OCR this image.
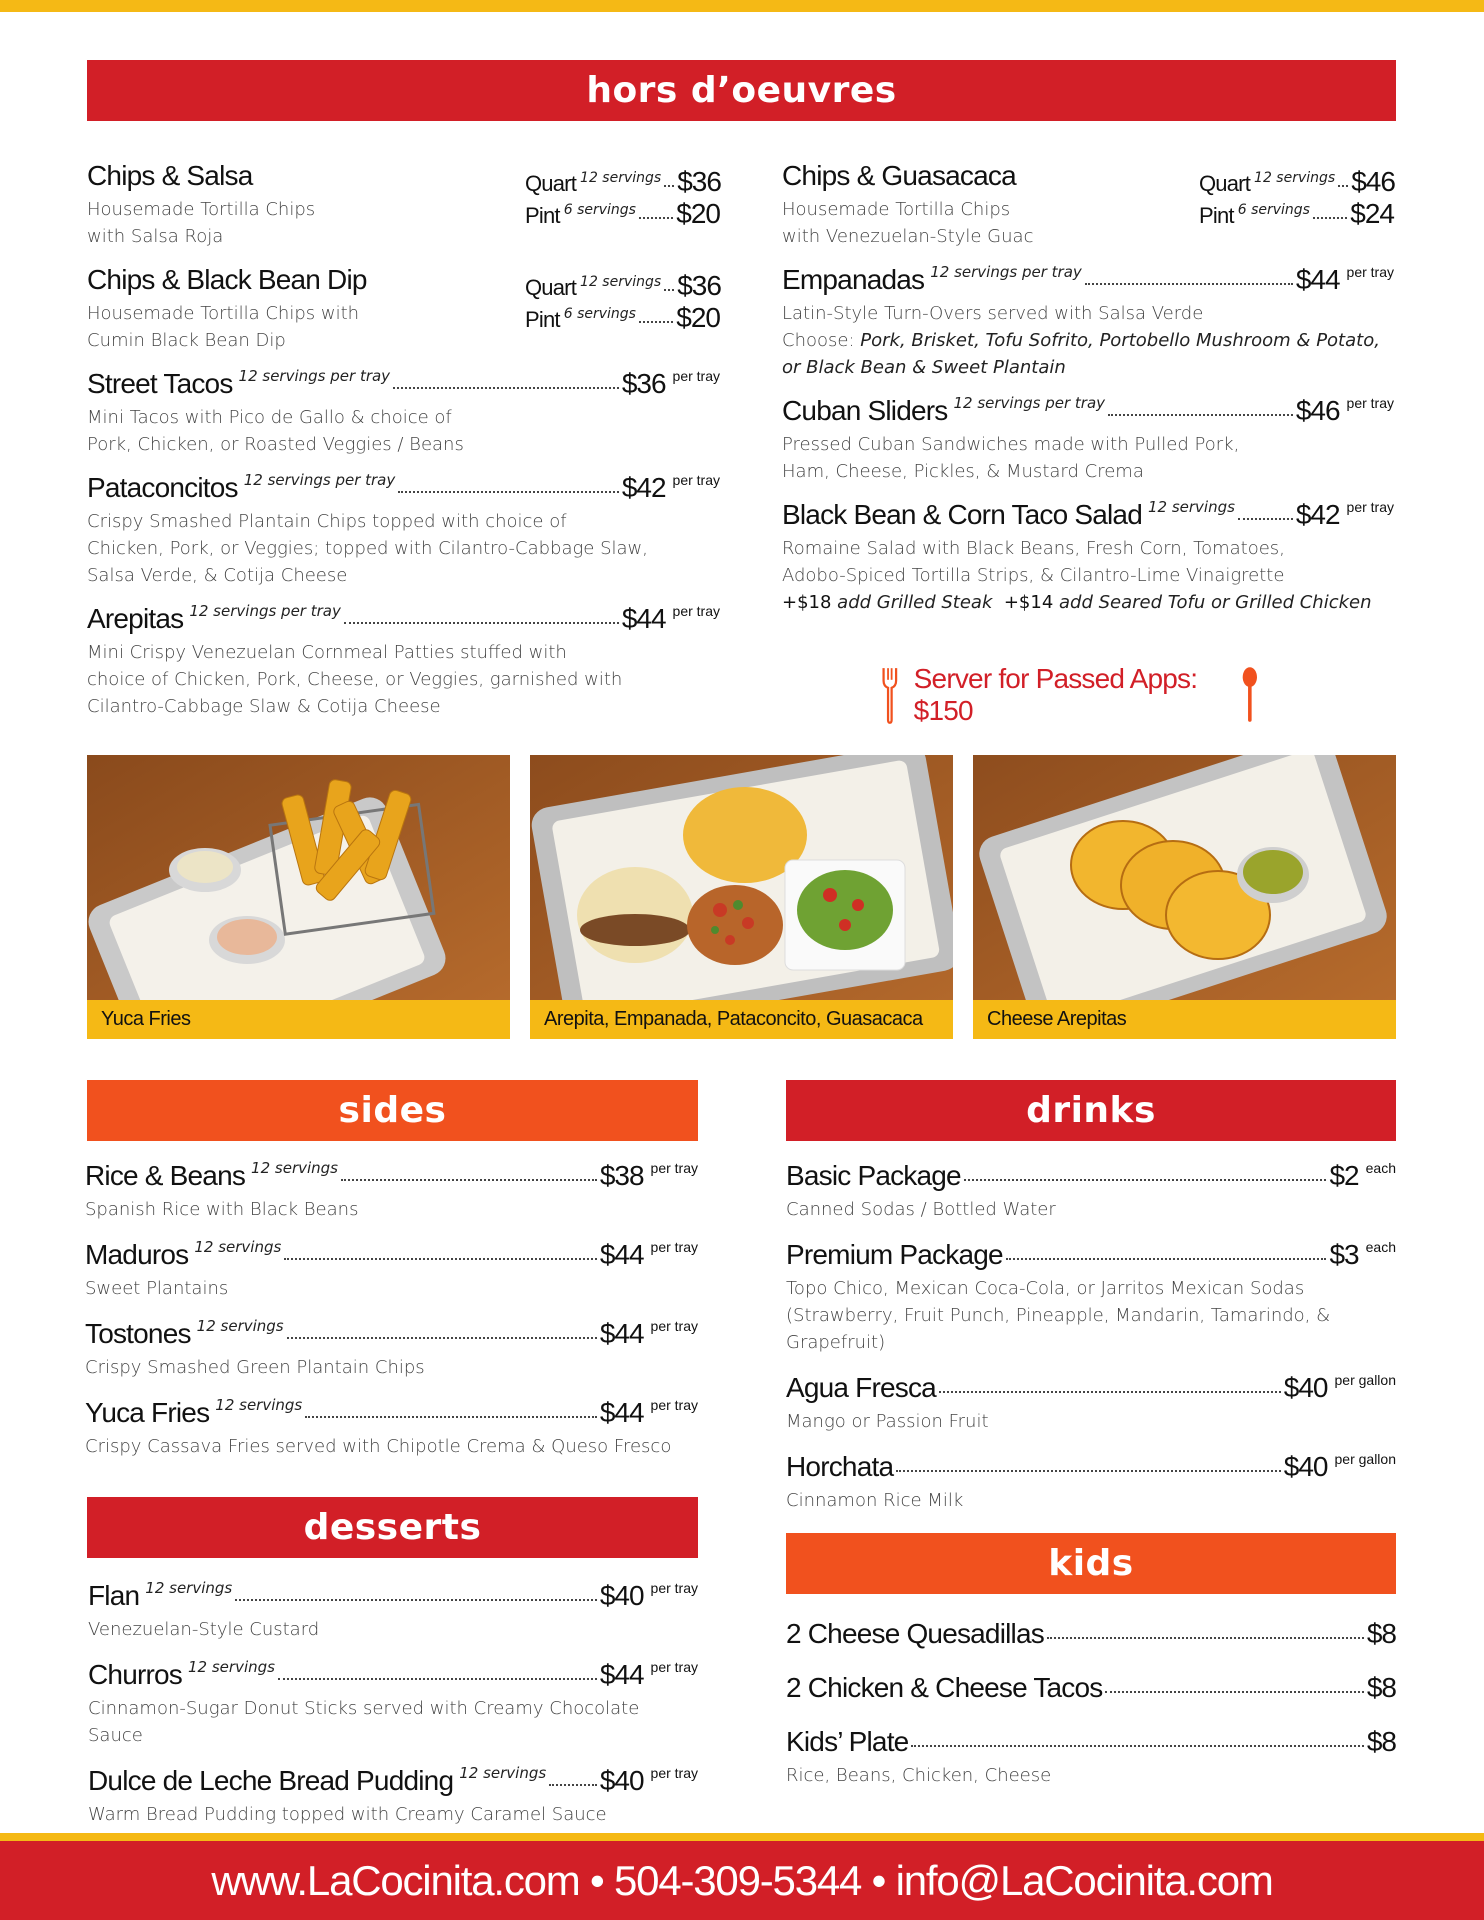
hors d’oeuvres
Chips & Salsa
Housemade Tortilla Chips
with Salsa Roja
Quart 12 servings $36
Pint 6 servings $20
Chips & Black Bean Dip
Housemade Tortilla Chips with
Cumin Black Bean Dip
Quart 12 servings $36
Pint 6 servings $20
Street Tacos 12 servings per tray	$36 per tray
Mini Tacos with Pico de Gallo & choice of
Pork, Chicken, or Roasted Veggies / Beans
Pataconcitos 12 servings per tray	$42 per tray
Crispy Smashed Plantain Chips topped with choice of
Chicken, Pork, or Veggies; topped with Cilantro-Cabbage Slaw,
Salsa Verde, & Cotija Cheese
Arepitas 12 servings per tray	$44 per tray
Mini Crispy Venezuelan Cornmeal Patties stuffed with
choice of Chicken, Pork, Cheese, or Veggies, garnished with
Cilantro-Cabbage Slaw & Cotija Cheese
Chips & Guasacaca
Housemade Tortilla Chips
with Venezuelan-Style Guac
Quart 12 servings $46
Pint 6 servings $24
Empanadas 12 servings per tray	$44 per tray
Latin-Style Turn-Overs served with Salsa Verde
Choose: Pork, Brisket, Tofu Sofrito, Portobello Mushroom & Potato,
or Black Bean & Sweet Plantain
Cuban Sliders 12 servings per tray	$46 per tray
Pressed Cuban Sandwiches made with Pulled Pork,
Ham, Cheese, Pickles, & Mustard Crema
Black Bean & Corn Taco Salad 12 servings $42 per tray
Romaine Salad with Black Beans, Fresh Corn, Tomatoes,
Adobo-Spiced Tortilla Strips, & Cilantro-Lime Vinaigrette
+$18 add Grilled Steak +$14 add Seared Tofu or Grilled Chicken
Server for Passed Apps: $150
Yuca Fries	Arepita, Empanada, Pataconcito, Guasacaca	Cheese Arepitas
sides
Rice & Beans 12 servings	$38 per tray
Spanish Rice with Black Beans
Maduros 12 servings	$44 per tray
Sweet Plantains
Tostones 12 servings	$44 per tray
Crispy Smashed Green Plantain Chips
Yuca Fries 12 servings	$44 per tray
Crispy Cassava Fries served with Chipotle Crema & Queso Fresco
desserts
Flan 12 servings	$40 per tray
Venezuelan-Style Custard
Churros 12 servings	$44 per tray
Cinnamon-Sugar Donut Sticks served with Creamy Chocolate Sauce
Dulce de Leche Bread Pudding 12 servings $40 per tray
Warm Bread Pudding topped with Creamy Caramel Sauce
drinks
Basic Package	$2 each
Canned Sodas / Bottled Water
Premium Package	$3 each
Topo Chico, Mexican Coca-Cola, or Jarritos Mexican Sodas
(Strawberry, Fruit Punch, Pineapple, Mandarin, Tamarindo, & Grapefruit)
Agua Fresca	$40 per gallon
Mango or Passion Fruit
Horchata	$40 per gallon
Cinnamon Rice Milk
kids
2 Cheese Quesadillas	$8
2 Chicken & Cheese Tacos	$8
Kids’ Plate	$8
Rice, Beans, Chicken, Cheese
www.LaCocinita.com • 504-309-5344 • info@LaCocinita.com
